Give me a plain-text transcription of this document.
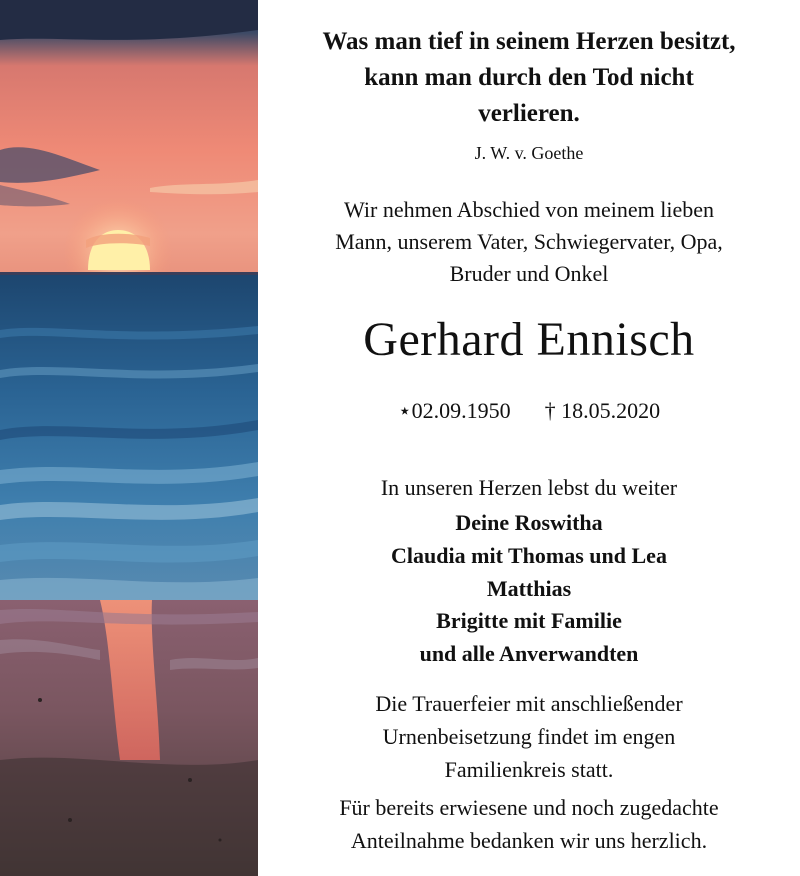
Was man tief in seinem Herzen besitzt,
kann man durch den Tod nicht
verlieren.
J. W. v. Goethe
Wir nehmen Abschied von meinem lieben
Mann, unserem Vater, Schwiegervater, Opa,
Bruder und Onkel
Gerhard Ennisch
⋆02.09.1950 † 18.05.2020
In unseren Herzen lebst du weiter
Deine Roswitha
Claudia mit Thomas und Lea
Matthias
Brigitte mit Familie
und alle Anverwandten
Die Trauerfeier mit anschließender
Urnenbeisetzung findet im engen
Familienkreis statt.
Für bereits erwiesene und noch zugedachte
Anteilnahme bedanken wir uns herzlich.
